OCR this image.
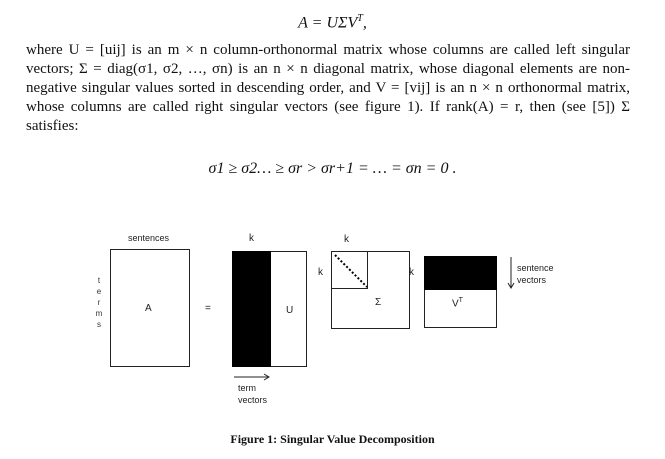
$A = U\Sigma V^T$,
where U = [uij] is an m × n column-orthonormal matrix whose columns are called left singular vectors; Σ = diag(σ1, σ2, …, σn) is an n × n diagonal matrix, whose diagonal elements are non-negative singular values sorted in descending order, and V = [vij] is an n × n orthonormal matrix, whose columns are called right singular vectors (see figure 1). If rank(A) = r, then (see [5]) Σ satisfies:
σ1 ≥ σ2… ≥ σr > σr+1 = … = σn = 0 .
sentences
A
t
e
r
m
s
=
k
U
term
vectors
k
k
Σ
k
$V^T$
sentence
vectors
Figure 1: Singular Value Decomposition
